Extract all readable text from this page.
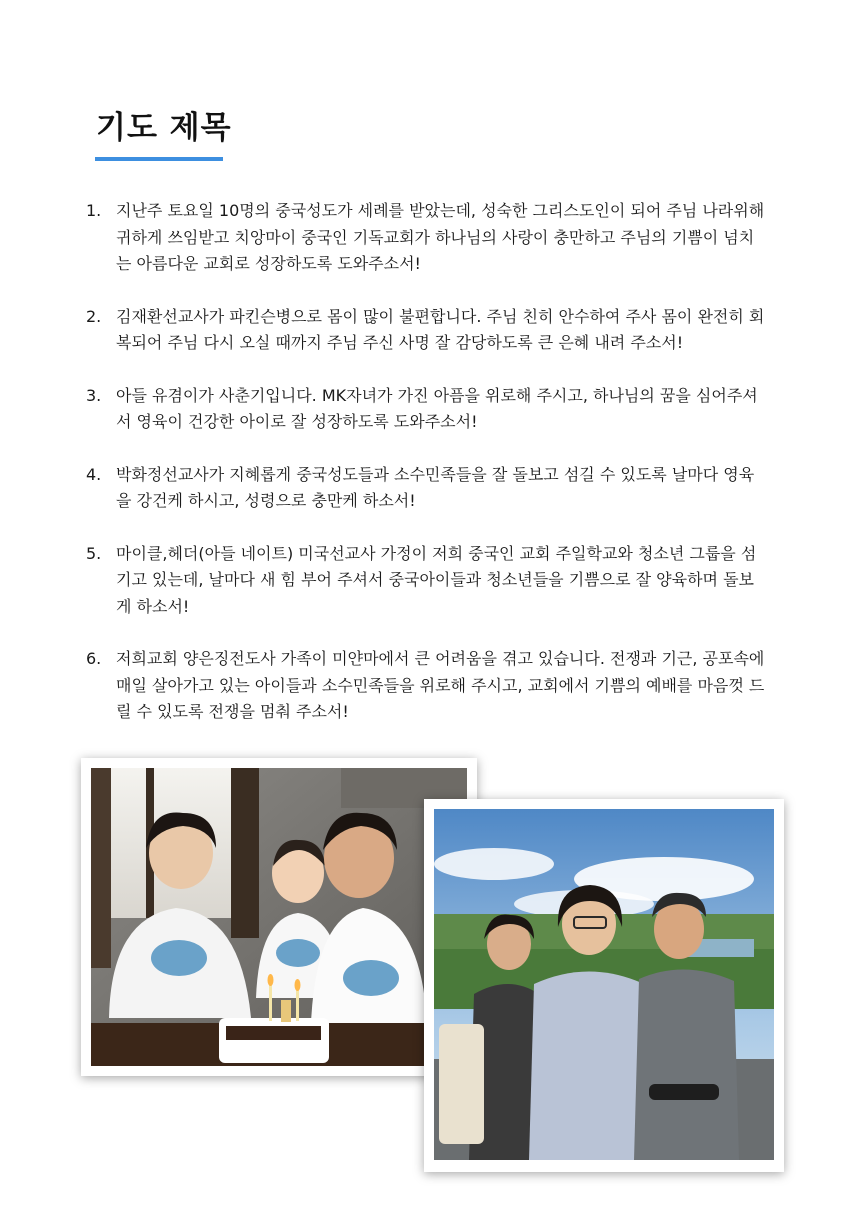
기도 제목
1. 지난주 토요일 10명의 중국성도가 세례를 받았는데, 성숙한 그리스도인이 되어 주님 나라위해 귀하게 쓰임받고 치앙마이 중국인 기독교회가 하나님의 사랑이 충만하고 주님의 기쁨이 넘치는 아름다운 교회로 성장하도록 도와주소서!
2. 김재환선교사가 파킨슨병으로 몸이 많이 불편합니다. 주님 친히 안수하여 주사 몸이 완전히 회복되어 주님 다시 오실 때까지 주님 주신 사명 잘 감당하도록 큰 은혜 내려 주소서!
3. 아들 유겸이가 사춘기입니다. MK자녀가 가진 아픔을 위로해 주시고, 하나님의 꿈을 심어주셔서 영육이 건강한 아이로 잘 성장하도록 도와주소서!
4. 박화정선교사가 지혜롭게 중국성도들과 소수민족들을 잘 돌보고 섬길 수 있도록 날마다 영육을 강건케 하시고, 성령으로 충만케 하소서!
5. 마이클,헤더(아들 네이트) 미국선교사 가정이 저희 중국인 교회 주일학교와 청소년 그룹을 섬기고 있는데, 날마다 새 힘 부어 주셔서 중국아이들과 청소년들을 기쁨으로 잘 양육하며 돌보게 하소서!
6. 저희교회 양은징전도사 가족이 미얀마에서 큰 어려움을 겪고 있습니다. 전쟁과 기근, 공포속에 매일 살아가고 있는 아이들과 소수민족들을 위로해 주시고, 교회에서 기쁨의 예배를 마음껏 드릴 수 있도록 전쟁을 멈춰 주소서!
